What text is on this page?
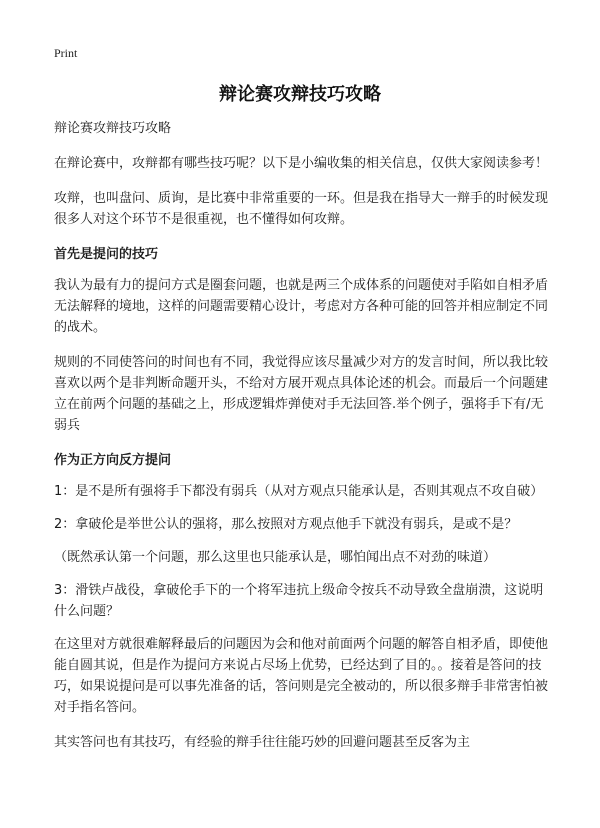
Print
辩论赛攻辩技巧攻略

辩论赛攻辩技巧攻略

在辩论赛中，攻辩都有哪些技巧呢？以下是小编收集的相关信息，仅供大家阅读参考！

攻辩，也叫盘问、质询，是比赛中非常重要的一环。但是我在指导大一辩手的时候发现很多人对这个环节不是很重视，也不懂得如何攻辩。

首先是提问的技巧

我认为最有力的提问方式是圈套问题，也就是两三个成体系的问题使对手陷如自相矛盾无法解释的境地，这样的问题需要精心设计，考虑对方各种可能的回答并相应制定不同的战术。

规则的不同使答问的时间也有不同，我觉得应该尽量减少对方的发言时间，所以我比较喜欢以两个是非判断命题开头，不给对方展开观点具体论述的机会。而最后一个问题建立在前两个问题的基础之上，形成逻辑炸弹使对手无法回答.举个例子，强将手下有/无弱兵

作为正方向反方提问

1：是不是所有强将手下都没有弱兵（从对方观点只能承认是，否则其观点不攻自破）

2：拿破伦是举世公认的强将，那么按照对方观点他手下就没有弱兵，是或不是？

（既然承认第一个问题，那么这里也只能承认是，哪怕闻出点不对劲的味道）

3：滑铁卢战役，拿破伦手下的一个将军违抗上级命令按兵不动导致全盘崩溃，这说明什么问题？

在这里对方就很难解释最后的问题因为会和他对前面两个问题的解答自相矛盾，即使他能自圆其说，但是作为提问方来说占尽场上优势，已经达到了目的。。接着是答问的技巧，如果说提问是可以事先准备的话，答问则是完全被动的，所以很多辩手非常害怕被对手指名答问。

其实答问也有其技巧，有经验的辩手往往能巧妙的回避问题甚至反客为主
